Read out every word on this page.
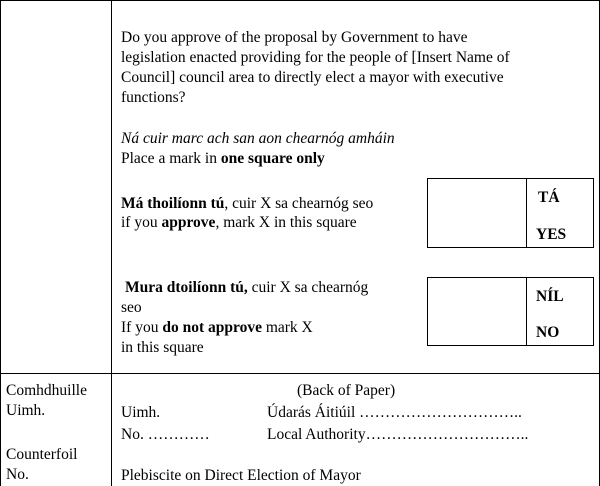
Do you approve of the proposal by Government to have
legislation enacted providing for the people of [Insert Name of
Council] council area to directly elect a mayor with executive
functions?
Ná cuir marc ach san aon chearnóg amháin
Place a mark in one square only
Má thoilíonn tú, cuir X sa chearnóg seo
if you approve, mark X in this square
TÁ
YES
Mura dtoilíonn tú, cuir X sa chearnóg
seo
If you do not approve mark X
in this square
NÍL
NO
Comhdhuille
Uimh.
Counterfoil
No.
(Back of Paper)
Uimh.
No. …………
Údarás Áitiúil …………………………..
Local Authority…………………………..
Plebiscite on Direct Election of Mayor
